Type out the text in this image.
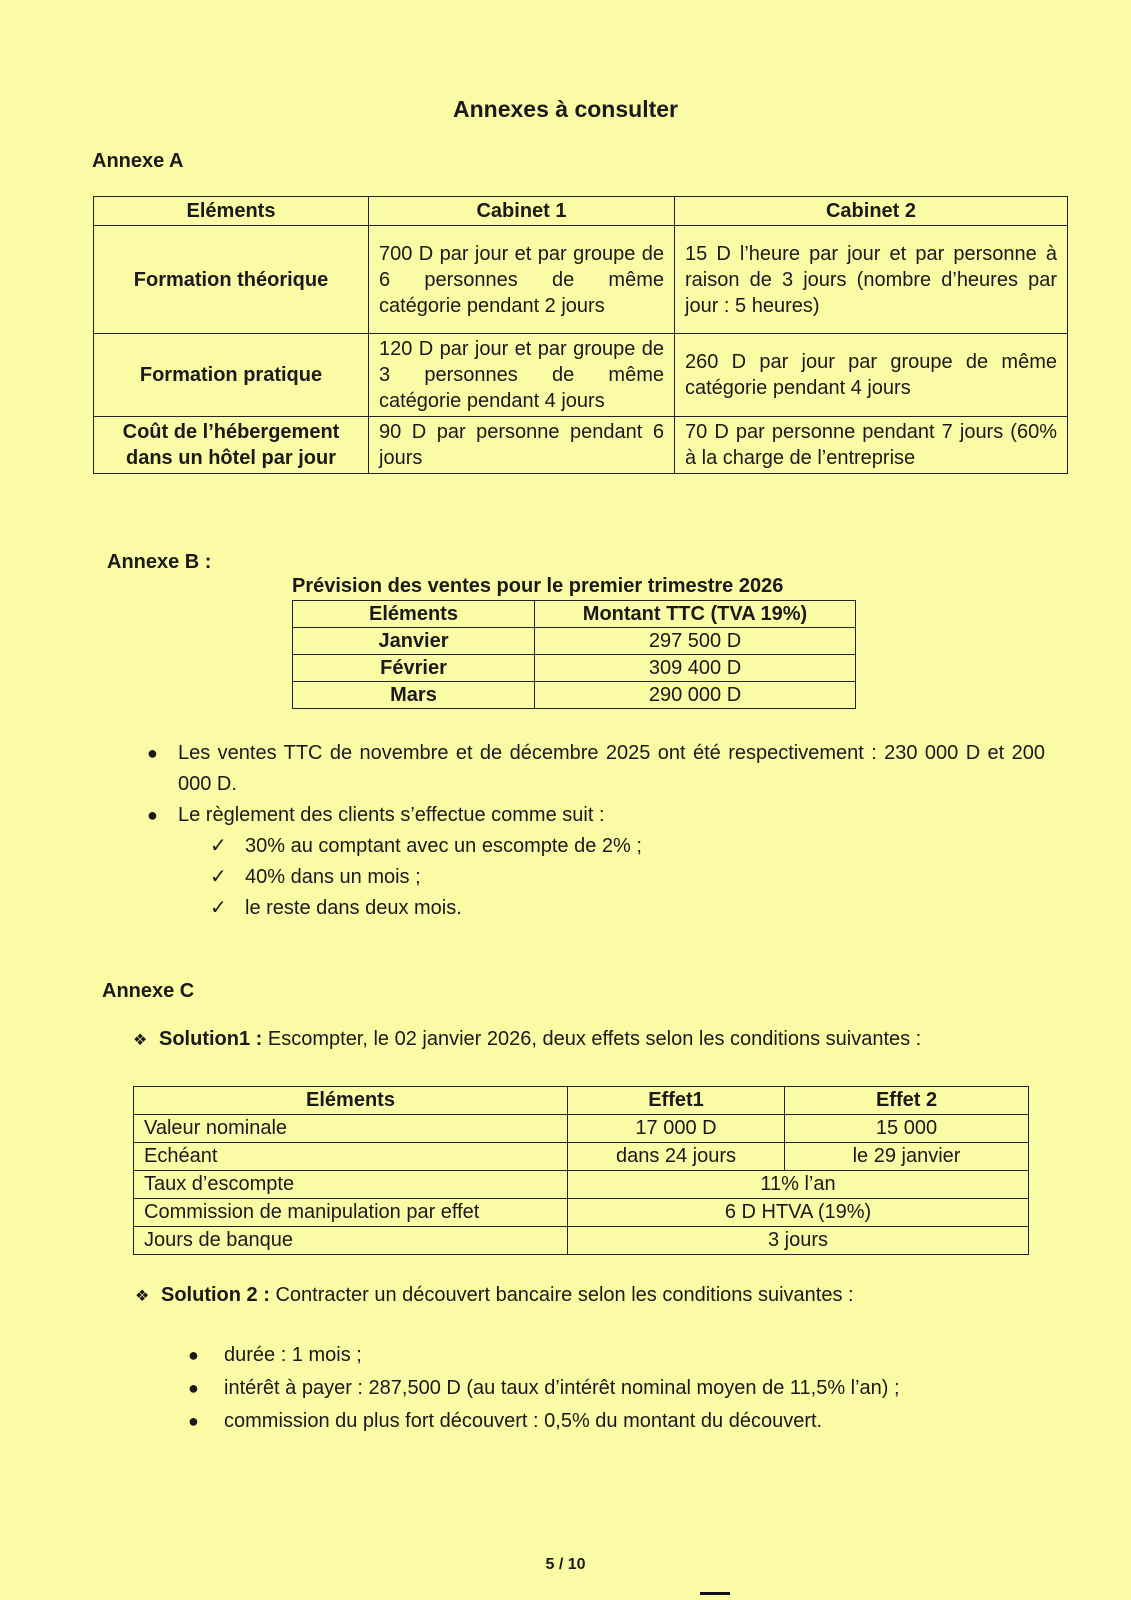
Annexes à consulter
Annexe A
Eléments	Cabinet 1	Cabinet 2
Formation théorique	700 D par jour et par groupe de 6 personnes de même catégorie pendant 2 jours	15 D l’heure par jour et par personne à raison de 3 jours (nombre d’heures par jour : 5 heures)
Formation pratique	120 D par jour et par groupe de 3 personnes de même catégorie pendant 4 jours	260 D par jour par groupe de même catégorie pendant 4 jours
Coût de l’hébergement dans un hôtel par jour	90 D par personne pendant 6 jours	70 D par personne pendant 7 jours (60% à la charge de l’entreprise
Annexe B :
Prévision des ventes pour le premier trimestre 2026
Eléments	Montant TTC (TVA 19%)
Janvier	297 500 D
Février	309 400 D
Mars	290 000 D
● Les ventes TTC de novembre et de décembre 2025 ont été respectivement : 230 000 D et 200 000 D.
● Le règlement des clients s’effectue comme suit :
✓ 30% au comptant avec un escompte de 2% ;
✓ 40% dans un mois ;
✓ le reste dans deux mois.
Annexe C
❖ Solution1 : Escompter, le 02 janvier 2026, deux effets selon les conditions suivantes :
Eléments	Effet1	Effet 2
Valeur nominale	17 000 D	15 000
Echéant	dans 24 jours	le 29 janvier
Taux d’escompte	11% l’an	
Commission de manipulation par effet	6 D HTVA (19%)	
Jours de banque	3 jours	
❖ Solution 2 : Contracter un découvert bancaire selon les conditions suivantes :
● durée : 1 mois ;
● intérêt à payer : 287,500 D (au taux d’intérêt nominal moyen de 11,5% l’an) ;
● commission du plus fort découvert : 0,5% du montant du découvert.
5 / 10
